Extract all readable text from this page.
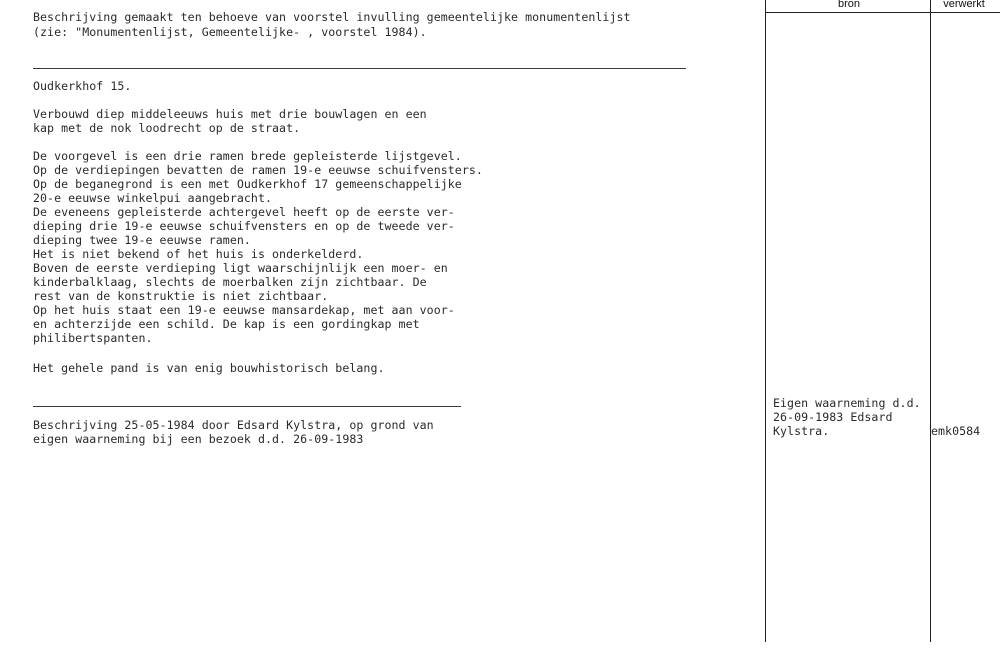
Beschrijving gemaakt ten behoeve van voorstel invulling gemeentelijke monumentenlijst
(zie: "Monumentenlijst, Gemeentelijke- , voorstel 1984).
bron	verwerkt
Oudkerkhof 15.
Verbouwd diep middeleeuws huis met drie bouwlagen en een
kap met de nok loodrecht op de straat.
De voorgevel is een drie ramen brede gepleisterde lijstgevel.
Op de verdiepingen bevatten de ramen 19-e eeuwse schuifvensters.
Op de beganegrond is een met Oudkerkhof 17 gemeenschappelijke
20-e eeuwse winkelpui aangebracht.
De eveneens gepleisterde achtergevel heeft op de eerste ver-
dieping drie 19-e eeuwse schuifvensters en op de tweede ver-
dieping twee 19-e eeuwse ramen.
Het is niet bekend of het huis is onderkelderd.
Boven de eerste verdieping ligt waarschijnlijk een moer- en
kinderbalklaag, slechts de moerbalken zijn zichtbaar. De
rest van de konstruktie is niet zichtbaar.
Op het huis staat een 19-e eeuwse mansardekap, met aan voor-
en achterzijde een schild. De kap is een gordingkap met
philibertspanten.
Het gehele pand is van enig bouwhistorisch belang.
Beschrijving 25-05-1984 door Edsard Kylstra, op grond van
eigen waarneming bij een bezoek d.d. 26-09-1983
Eigen waarneming d.d.
26-09-1983 Edsard
Kylstra.	emk0584
